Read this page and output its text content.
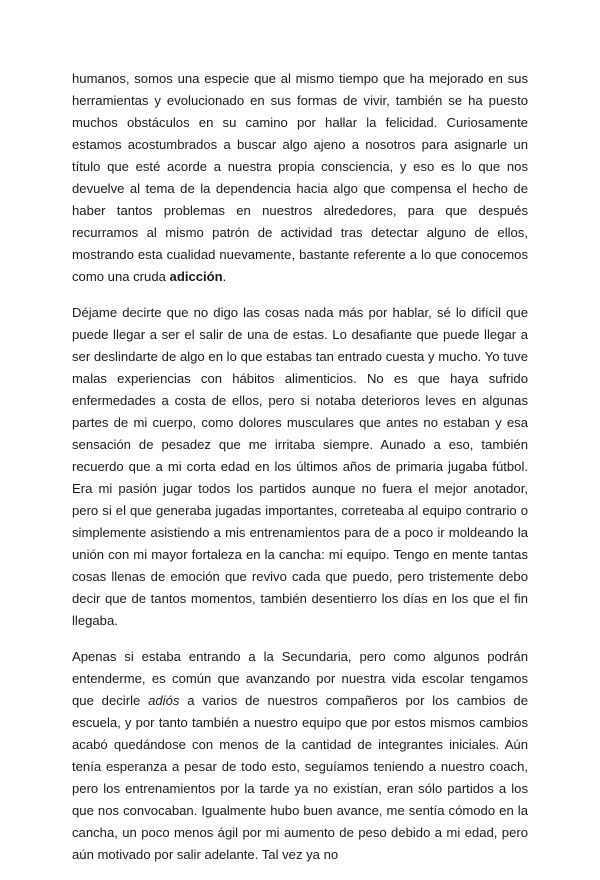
humanos, somos una especie que al mismo tiempo que ha mejorado en sus herramientas y evolucionado en sus formas de vivir, también se ha puesto muchos obstáculos en su camino por hallar la felicidad. Curiosamente estamos acostumbrados a buscar algo ajeno a nosotros para asignarle un título que esté acorde a nuestra propia consciencia, y eso es lo que nos devuelve al tema de la dependencia hacia algo que compensa el hecho de haber tantos problemas en nuestros alrededores, para que después recurramos al mismo patrón de actividad tras detectar alguno de ellos, mostrando esta cualidad nuevamente, bastante referente a lo que conocemos como una cruda adicción.

Déjame decirte que no digo las cosas nada más por hablar, sé lo difícil que puede llegar a ser el salir de una de estas. Lo desafiante que puede llegar a ser deslindarte de algo en lo que estabas tan entrado cuesta y mucho. Yo tuve malas experiencias con hábitos alimenticios. No es que haya sufrido enfermedades a costa de ellos, pero si notaba deterioros leves en algunas partes de mi cuerpo, como dolores musculares que antes no estaban y esa sensación de pesadez que me irritaba siempre. Aunado a eso, también recuerdo que a mi corta edad en los últimos años de primaria jugaba fútbol. Era mi pasión jugar todos los partidos aunque no fuera el mejor anotador, pero si el que generaba jugadas importantes, correteaba al equipo contrario o simplemente asistiendo a mis entrenamientos para de a poco ir moldeando la unión con mi mayor fortaleza en la cancha: mi equipo. Tengo en mente tantas cosas llenas de emoción que revivo cada que puedo, pero tristemente debo decir que de tantos momentos, también desentierro los días en los que el fin llegaba.

Apenas si estaba entrando a la Secundaria, pero como algunos podrán entenderme, es común que avanzando por nuestra vida escolar tengamos que decirle adiós a varios de nuestros compañeros por los cambios de escuela, y por tanto también a nuestro equipo que por estos mismos cambios acabó quedándose con menos de la cantidad de integrantes iniciales. Aún tenía esperanza a pesar de todo esto, seguíamos teniendo a nuestro coach, pero los entrenamientos por la tarde ya no existían, eran sólo partidos a los que nos convocaban. Igualmente hubo buen avance, me sentía cómodo en la cancha, un poco menos ágil por mi aumento de peso debido a mi edad, pero aún motivado por salir adelante. Tal vez ya no
